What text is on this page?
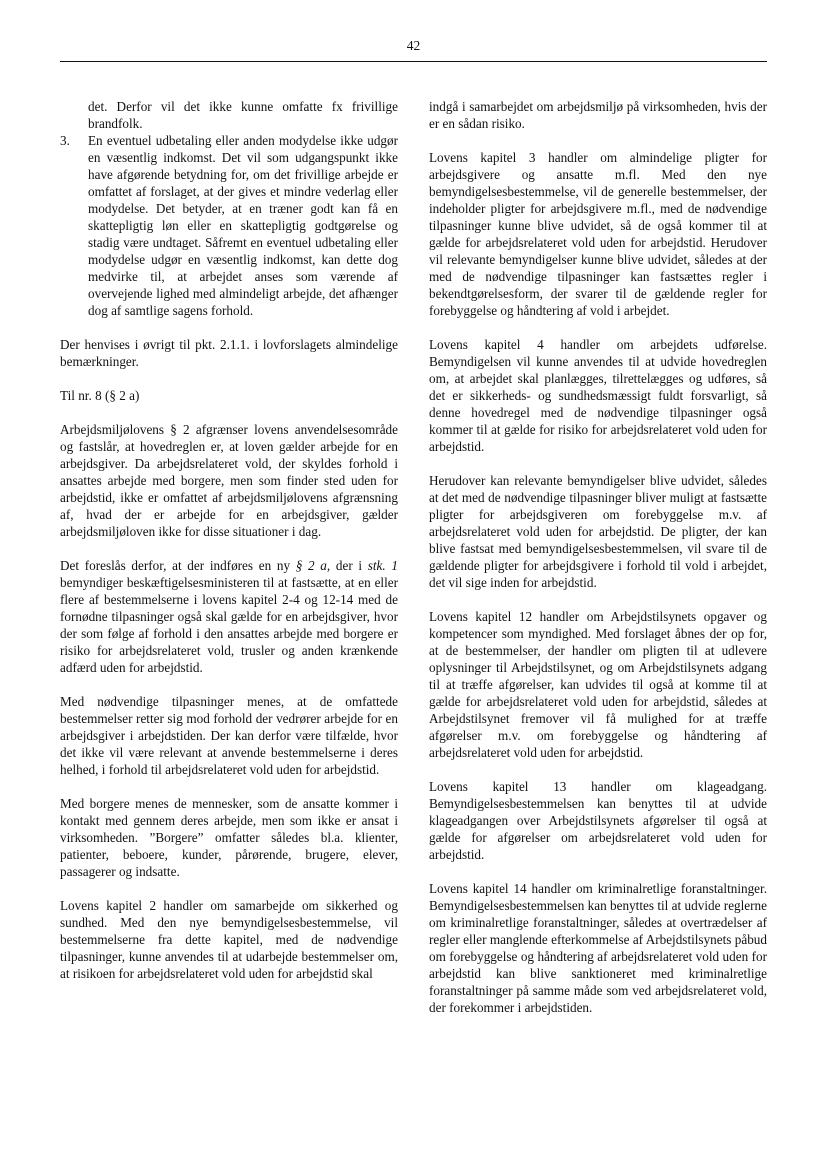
42

det. Derfor vil det ikke kunne omfatte fx frivillige brandfolk.

3. En eventuel udbetaling eller anden modydelse ikke udgør en væsentlig indkomst. Det vil som udgangspunkt ikke have afgørende betydning for, om det frivillige arbejde er omfattet af forslaget, at der gives et mindre vederlag eller modydelse. Det betyder, at en træner godt kan få en skattepligtig løn eller en skattepligtig godtgørelse og stadig være undtaget. Såfremt en eventuel udbetaling eller modydelse udgør en væsentlig indkomst, kan dette dog medvirke til, at arbejdet anses som værende af overvejende lighed med almindeligt arbejde, det afhænger dog af samtlige sagens forhold.

Der henvises i øvrigt til pkt. 2.1.1. i lovforslagets almindelige bemærkninger.

Til nr. 8 (§ 2 a)

Arbejdsmiljølovens § 2 afgrænser lovens anvendelsesområde og fastslår, at hovedreglen er, at loven gælder arbejde for en arbejdsgiver. Da arbejdsrelateret vold, der skyldes forhold i ansattes arbejde med borgere, men som finder sted uden for arbejdstid, ikke er omfattet af arbejdsmiljølovens afgrænsning af, hvad der er arbejde for en arbejdsgiver, gælder arbejdsmiljøloven ikke for disse situationer i dag.

Det foreslås derfor, at der indføres en ny § 2 a, der i stk. 1 bemyndiger beskæftigelsesministeren til at fastsætte, at en eller flere af bestemmelserne i lovens kapitel 2-4 og 12-14 med de fornødne tilpasninger også skal gælde for en arbejdsgiver, hvor der som følge af forhold i den ansattes arbejde med borgere er risiko for arbejdsrelateret vold, trusler og anden krænkende adfærd uden for arbejdstid.

Med nødvendige tilpasninger menes, at de omfattede bestemmelser retter sig mod forhold der vedrører arbejde for en arbejdsgiver i arbejdstiden. Der kan derfor være tilfælde, hvor det ikke vil være relevant at anvende bestemmelserne i deres helhed, i forhold til arbejdsrelateret vold uden for arbejdstid.

Med borgere menes de mennesker, som de ansatte kommer i kontakt med gennem deres arbejde, men som ikke er ansat i virksomheden. ”Borgere” omfatter således bl.a. klienter, patienter, beboere, kunder, pårørende, brugere, elever, passagerer og indsatte.

Lovens kapitel 2 handler om samarbejde om sikkerhed og sundhed. Med den nye bemyndigelsesbestemmelse, vil bestemmelserne fra dette kapitel, med de nødvendige tilpasninger, kunne anvendes til at udarbejde bestemmelser om, at risikoen for arbejdsrelateret vold uden for arbejdstid skal

indgå i samarbejdet om arbejdsmiljø på virksomheden, hvis der er en sådan risiko.

Lovens kapitel 3 handler om almindelige pligter for arbejdsgivere og ansatte m.fl. Med den nye bemyndigelsesbestemmelse, vil de generelle bestemmelser, der indeholder pligter for arbejdsgivere m.fl., med de nødvendige tilpasninger kunne blive udvidet, så de også kommer til at gælde for arbejdsrelateret vold uden for arbejdstid. Herudover vil relevante bemyndigelser kunne blive udvidet, således at der med de nødvendige tilpasninger kan fastsættes regler i bekendtgørelsesform, der svarer til de gældende regler for forebyggelse og håndtering af vold i arbejdet.

Lovens kapitel 4 handler om arbejdets udførelse. Bemyndigelsen vil kunne anvendes til at udvide hovedreglen om, at arbejdet skal planlægges, tilrettelægges og udføres, så det er sikkerheds- og sundhedsmæssigt fuldt forsvarligt, så denne hovedregel med de nødvendige tilpasninger også kommer til at gælde for risiko for arbejdsrelateret vold uden for arbejdstid.

Herudover kan relevante bemyndigelser blive udvidet, således at det med de nødvendige tilpasninger bliver muligt at fastsætte pligter for arbejdsgiveren om forebyggelse m.v. af arbejdsrelateret vold uden for arbejdstid. De pligter, der kan blive fastsat med bemyndigelsesbestemmelsen, vil svare til de gældende pligter for arbejdsgivere i forhold til vold i arbejdet, det vil sige inden for arbejdstid.

Lovens kapitel 12 handler om Arbejdstilsynets opgaver og kompetencer som myndighed. Med forslaget åbnes der op for, at de bestemmelser, der handler om pligten til at udlevere oplysninger til Arbejdstilsynet, og om Arbejdstilsynets adgang til at træffe afgørelser, kan udvides til også at komme til at gælde for arbejdsrelateret vold uden for arbejdstid, således at Arbejdstilsynet fremover vil få mulighed for at træffe afgørelser m.v. om forebyggelse og håndtering af arbejdsrelateret vold uden for arbejdstid.

Lovens kapitel 13 handler om klageadgang. Bemyndigelsesbestemmelsen kan benyttes til at udvide klageadgangen over Arbejdstilsynets afgørelser til også at gælde for afgørelser om arbejdsrelateret vold uden for arbejdstid.

Lovens kapitel 14 handler om kriminalretlige foranstaltninger. Bemyndigelsesbestemmelsen kan benyttes til at udvide reglerne om kriminalretlige foranstaltninger, således at overtrædelser af regler eller manglende efterkommelse af Arbejdstilsynets påbud om forebyggelse og håndtering af arbejdsrelateret vold uden for arbejdstid kan blive sanktioneret med kriminalretlige foranstaltninger på samme måde som ved arbejdsrelateret vold, der forekommer i arbejdstiden.
